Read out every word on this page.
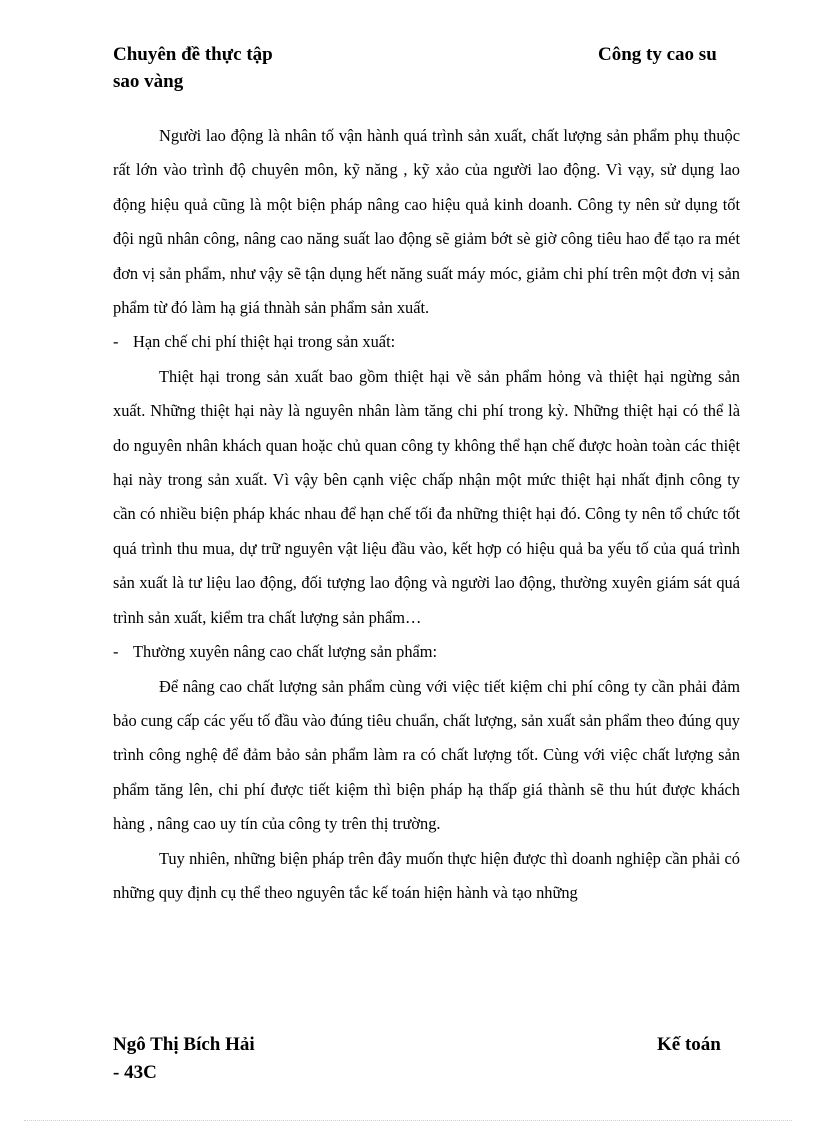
Chuyên đề thực tập	Công ty cao su
sao vàng

Người lao động là nhân tố vận hành quá trình sản xuất, chất lượng sản phẩm phụ thuộc rất lớn vào trình độ chuyên môn, kỹ năng , kỹ xảo của người lao động. Vì vạy, sử dụng lao động hiệu quả cũng là một biện pháp nâng cao hiệu quả kinh doanh. Công ty nên sử dụng tốt đội ngũ nhân công, nâng cao năng suất lao động sẽ giảm bớt sè giờ công tiêu hao để tạo ra mét đơn vị sản phẩm, như vậy sẽ tận dụng hết năng suất máy móc, giảm chi phí trên một đơn vị sản phẩm từ đó làm hạ giá thnàh sản phẩm sản xuất.

- Hạn chế chi phí thiệt hại trong sản xuất:

Thiệt hại trong sản xuất bao gồm thiệt hại về sản phẩm hỏng và thiệt hại ngừng sản xuất. Những thiệt hại này là nguyên nhân làm tăng chi phí trong kỳ. Những thiệt hại có thể là do nguyên nhân khách quan hoặc chủ quan công ty không thể hạn chế được hoàn toàn các thiệt hại này trong sản xuất. Vì vậy bên cạnh việc chấp nhận một mức thiệt hại nhất định công ty cần có nhiều biện pháp khác nhau để hạn chế tối đa những thiệt hại đó. Công ty nên tổ chức tốt quá trình thu mua, dự trữ nguyên vật liệu đầu vào, kết hợp có hiệu quả ba yếu tố của quá trình sản xuất là tư liệu lao động, đối tượng lao động và người lao động, thường xuyên giám sát quá trình sản xuất, kiểm tra chất lượng sản phẩm…

- Thường xuyên nâng cao chất lượng sản phẩm:

Để nâng cao chất lượng sản phẩm cùng với việc tiết kiệm chi phí công ty cần phải đảm bảo cung cấp các yếu tố đầu vào đúng tiêu chuẩn, chất lượng, sản xuất sản phẩm theo đúng quy trình công nghệ để đảm bảo sản phẩm làm ra có chất lượng tốt. Cùng với việc chất lượng sản phẩm tăng lên, chi phí được tiết kiệm thì biện pháp hạ thấp giá thành sẽ thu hút được khách hàng , nâng cao uy tín của công ty trên thị trường.

Tuy nhiên, những biện pháp trên đây muốn thực hiện được thì doanh nghiệp cần phải có những quy định cụ thể theo nguyên tắc kế toán hiện hành và tạo những

Ngô Thị Bích Hải	Kế toán
- 43C
